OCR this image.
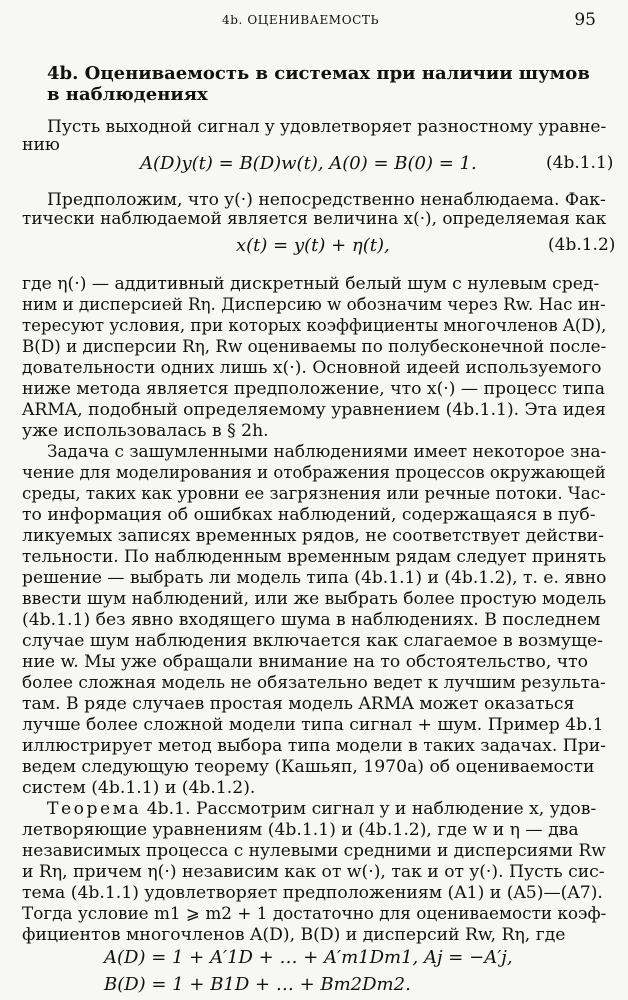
4b. ОЦЕНИВАЕМОСТЬ	95
4b. Оцениваемость в системах при наличии шумов
в наблюдениях
Пусть выходной сигнал y удовлетворяет разностному уравне-
нию
A(D)y(t) = B(D)w(t), A(0) = B(0) = 1.	(4b.1.1)
Предположим, что y(·) непосредственно ненаблюдаема. Фак-
тически наблюдаемой является величина x(·), определяемая как
x(t) = y(t) + η(t),	(4b.1.2)
где η(·) — аддитивный дискретный белый шум с нулевым сред-
ним и дисперсией Rη. Дисперсию w обозначим через Rw. Нас ин-
тересуют условия, при которых коэффициенты многочленов A(D),
B(D) и дисперсии Rη, Rw оцениваемы по полубесконечной после-
довательности одних лишь x(·). Основной идеей используемого
ниже метода является предположение, что x(·) — процесс типа
ARMA, подобный определяемому уравнением (4b.1.1). Эта идея
уже использовалась в § 2h.
Задача с зашумленными наблюдениями имеет некоторое зна-
чение для моделирования и отображения процессов окружающей
среды, таких как уровни ее загрязнения или речные потоки. Час-
то информация об ошибках наблюдений, содержащаяся в пуб-
ликуемых записях временных рядов, не соответствует действи-
тельности. По наблюденным временным рядам следует принять
решение — выбрать ли модель типа (4b.1.1) и (4b.1.2), т. е. явно
ввести шум наблюдений, или же выбрать более простую модель
(4b.1.1) без явно входящего шума в наблюдениях. В последнем
случае шум наблюдения включается как слагаемое в возмуще-
ние w. Мы уже обращали внимание на то обстоятельство, что
более сложная модель не обязательно ведет к лучшим результа-
там. В ряде случаев простая модель ARMA может оказаться
лучше более сложной модели типа сигнал + шум. Пример 4b.1
иллюстрирует метод выбора типа модели в таких задачах. При-
ведем следующую теорему (Кашьяп, 1970а) об оцениваемости
систем (4b.1.1) и (4b.1.2).
Теорема 4b.1. Рассмотрим сигнал y и наблюдение x, удов-
летворяющие уравнениям (4b.1.1) и (4b.1.2), где w и η — два
независимых процесса с нулевыми средними и дисперсиями Rw
и Rη, причем η(·) независим как от w(·), так и от y(·). Пусть сис-
тема (4b.1.1) удовлетворяет предположениям (A1) и (A5)—(A7).
Тогда условие m1 ⩾ m2 + 1 достаточно для оцениваемости коэф-
фициентов многочленов A(D), B(D) и дисперсий Rw, Rη, где
A(D) = 1 + A′1D + … + A′m1Dm1, Aj = −A′j,
B(D) = 1 + B1D + … + Bm2Dm2.
